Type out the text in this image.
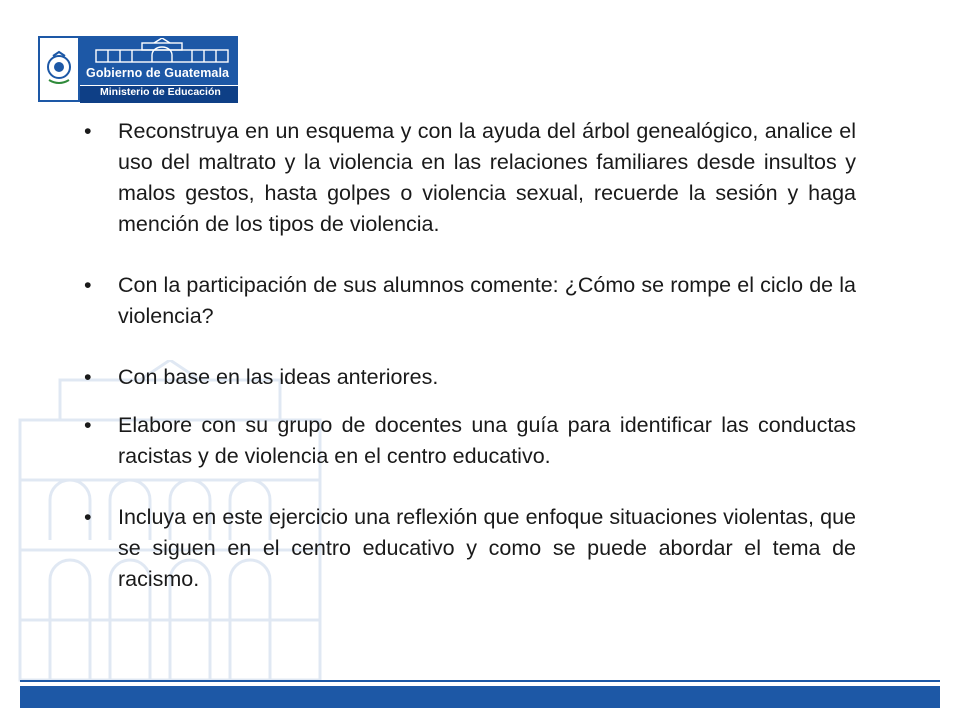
Gobierno de Guatemala
Ministerio de Educación
•	Reconstruya en un esquema y con la ayuda del árbol genealógico, analice el uso del maltrato y la violencia en las relaciones familiares desde insultos y malos gestos, hasta golpes o violencia sexual, recuerde la sesión y haga mención de los tipos de violencia.
•	Con la participación de sus alumnos comente: ¿Cómo se rompe el ciclo de la violencia?
•	Con base en las ideas anteriores.
•	Elabore con su grupo de docentes una guía para identificar las conductas racistas y de violencia en el centro educativo.
•	Incluya en este ejercicio una reflexión que enfoque situaciones violentas, que se siguen en el centro educativo y como se puede abordar el tema de racismo.
